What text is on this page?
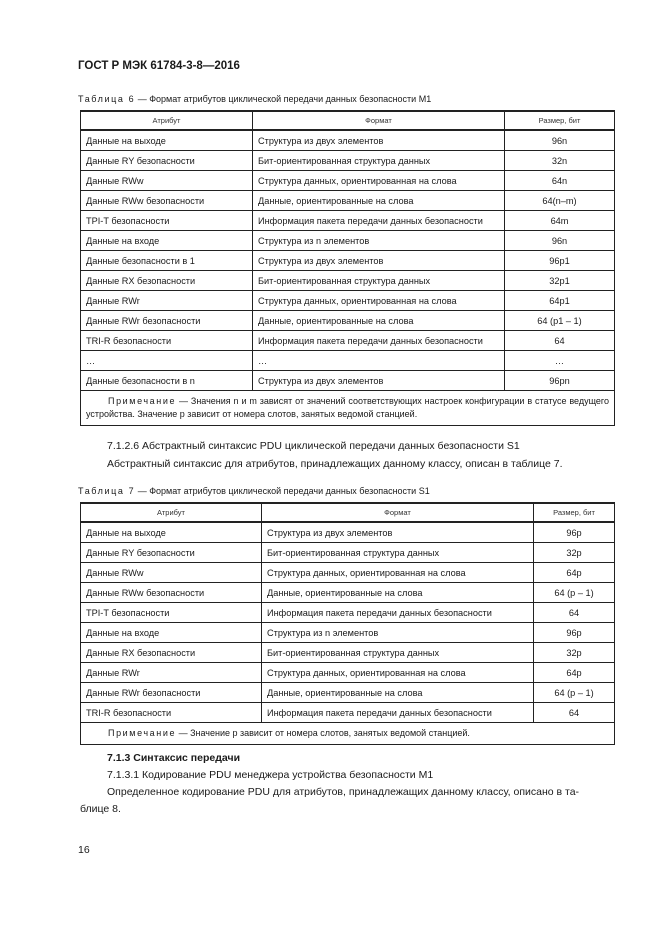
ГОСТ Р МЭК 61784-3-8—2016
Таблица 6 — Формат атрибутов циклической передачи данных безопасности М1
Атрибут	Формат	Размер, бит
Данные на выходе	Структура из двух элементов	96n
Данные RY безопасности	Бит-ориентированная структура данных	32n
Данные RWw	Структура данных, ориентированная на слова	64n
Данные RWw безопасности	Данные, ориентированные на слова	64(n–m)
TPI-T безопасности	Информация пакета передачи данных безопасности	64m
Данные на входе	Структура из n элементов	96n
Данные безопасности в 1	Структура из двух элементов	96p1
Данные RX безопасности	Бит-ориентированная структура данных	32p1
Данные RWr	Структура данных, ориентированная на слова	64p1
Данные RWr безопасности	Данные, ориентированные на слова	64 (p1 – 1)
TRI-R безопасности	Информация пакета передачи данных безопасности	64
…	…	…
Данные безопасности в n	Структура из двух элементов	96pn
Примечание — Значения n и m зависят от значений соответствующих настроек конфигурации в статусе ведущего устройства. Значение p зависит от номера слотов, занятых ведомой станцией.		
7.1.2.6 Абстрактный синтаксис PDU циклической передачи данных безопасности S1
Абстрактный синтаксис для атрибутов, принадлежащих данному классу, описан в таблице 7.
Таблица 7 — Формат атрибутов циклической передачи данных безопасности S1
Атрибут	Формат	Размер, бит
Данные на выходе	Структура из двух элементов	96p
Данные RY безопасности	Бит-ориентированная структура данных	32p
Данные RWw	Структура данных, ориентированная на слова	64p
Данные RWw безопасности	Данные, ориентированные на слова	64 (p – 1)
TPI-T безопасности	Информация пакета передачи данных безопасности	64
Данные на входе	Структура из n элементов	96p
Данные RX безопасности	Бит-ориентированная структура данных	32p
Данные RWr	Структура данных, ориентированная на слова	64p
Данные RWr безопасности	Данные, ориентированные на слова	64 (p – 1)
TRI-R безопасности	Информация пакета передачи данных безопасности	64
Примечание — Значение p зависит от номера слотов, занятых ведомой станцией.		
7.1.3 Синтаксис передачи
7.1.3.1 Кодирование PDU менеджера устройства безопасности М1
Определенное кодирование PDU для атрибутов, принадлежащих данному классу, описано в та-
блице 8.
16
